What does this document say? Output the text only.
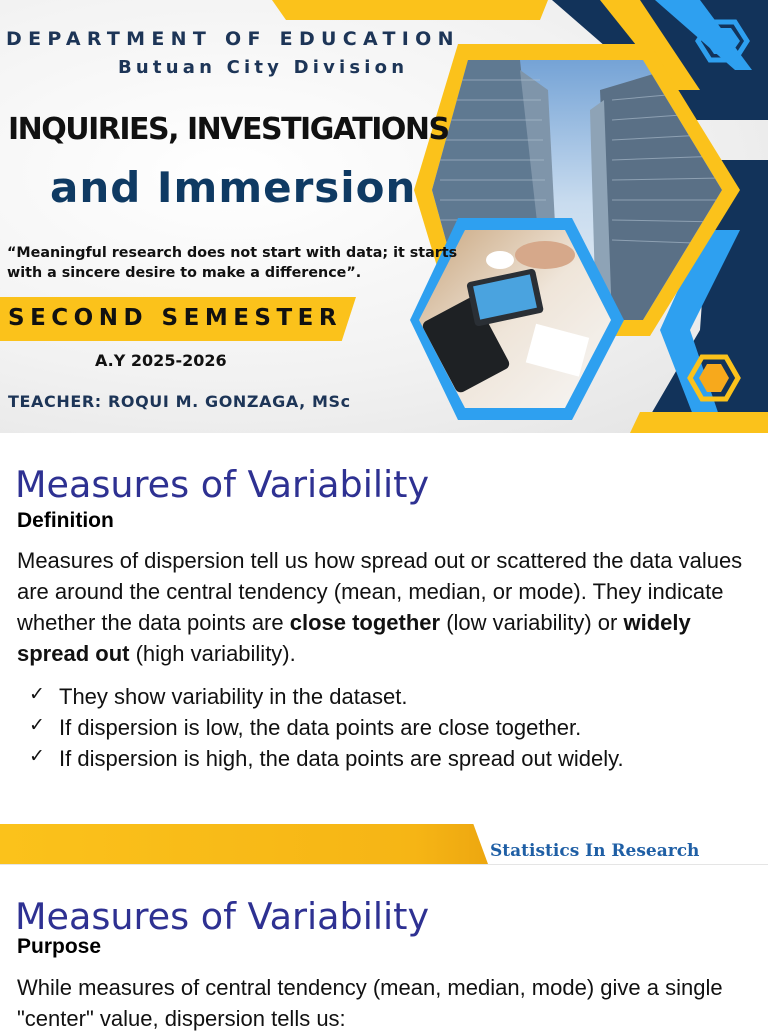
DEPARTMENT OF EDUCATION
Butuan City Division
INQUIRIES, INVESTIGATIONS
and Immersion
“Meaningful research does not start with data; it starts with a sincere desire to make a difference”.
SECOND SEMESTER
A.Y 2025-2026
TEACHER: ROQUI M. GONZAGA, MSc
Measures of Variability
Definition
Measures of dispersion tell us how spread out or scattered the data values are around the central tendency (mean, median, or mode). They indicate whether the data points are close together (low variability) or widely spread out (high variability).
✓ They show variability in the dataset.
✓ If dispersion is low, the data points are close together.
✓ If dispersion is high, the data points are spread out widely.
Statistics In Research
Measures of Variability
Purpose
While measures of central tendency (mean, median, mode) give a single "center" value, dispersion tells us:
